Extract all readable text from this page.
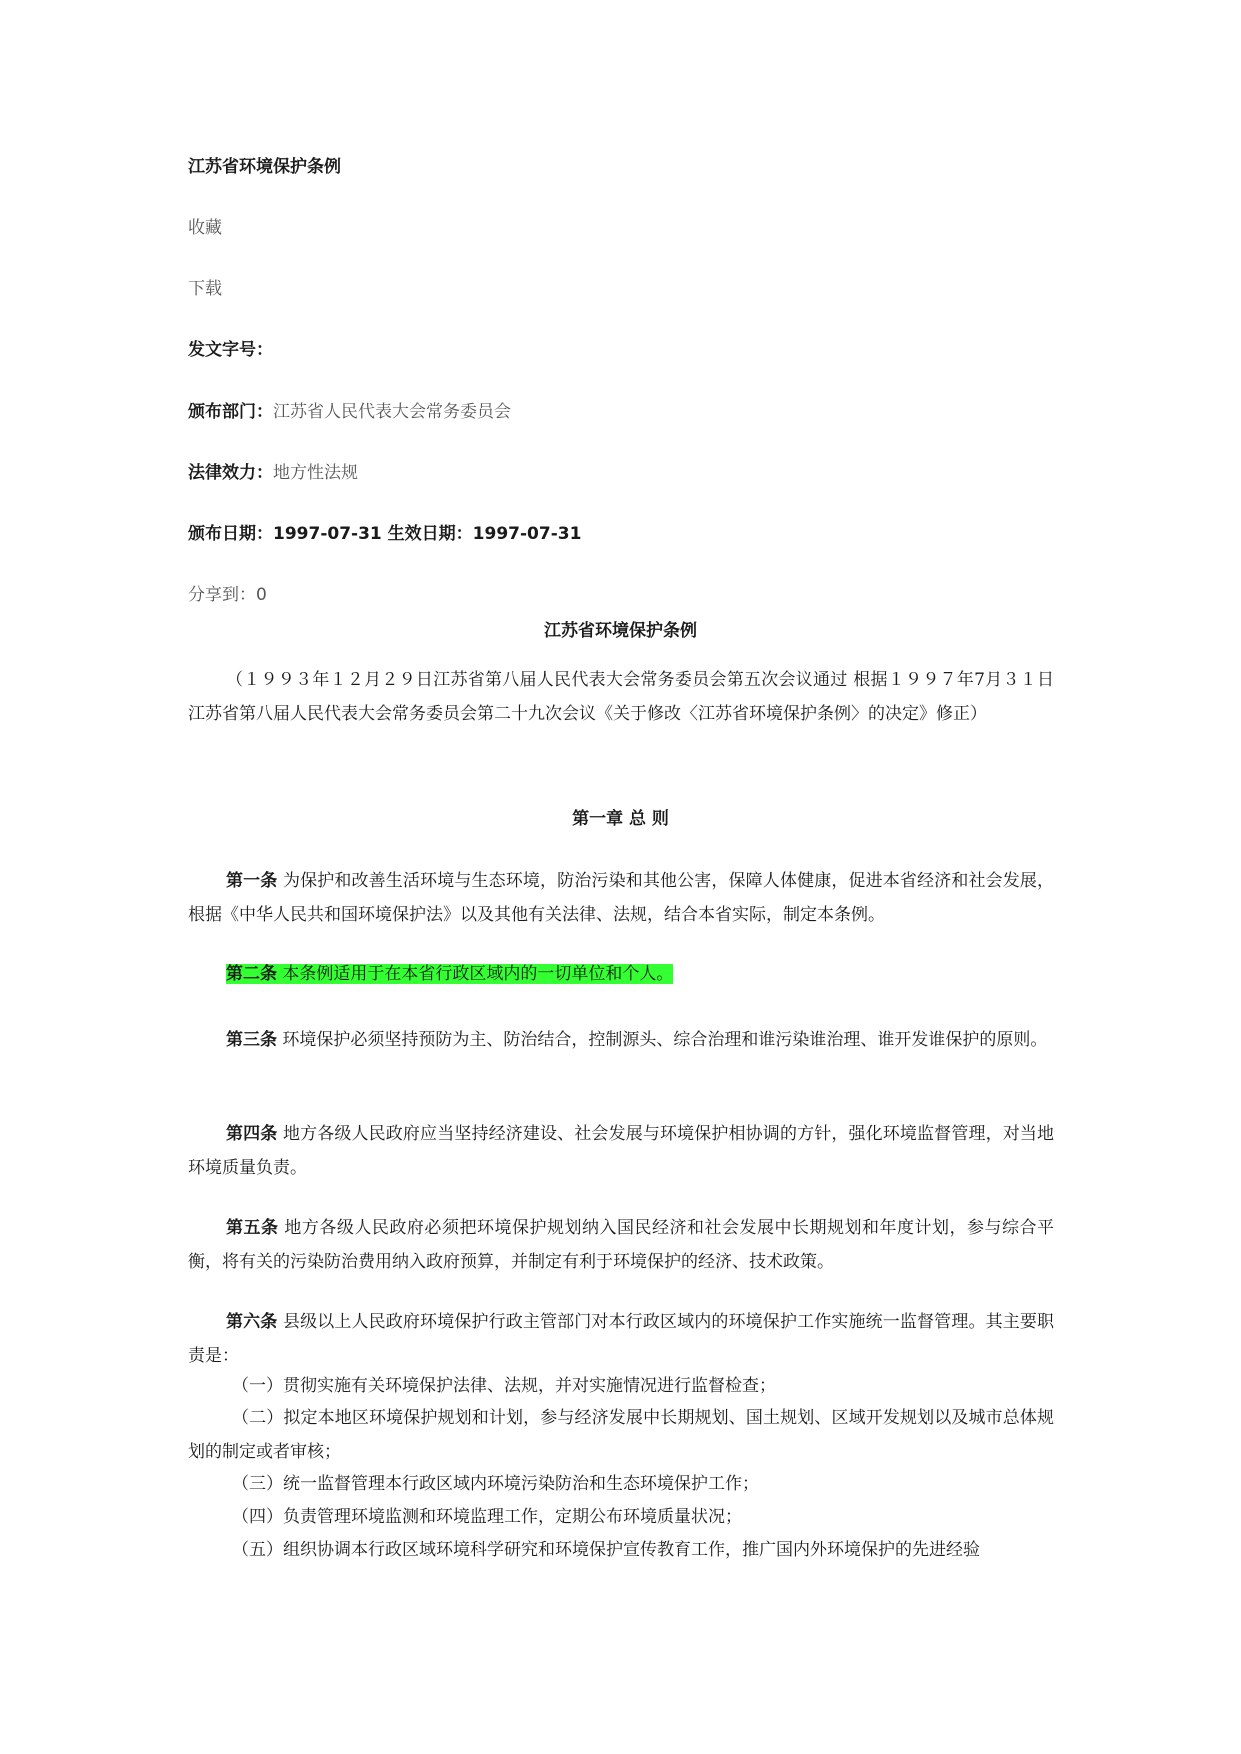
江苏省环境保护条例
收藏
下载
发文字号：
颁布部门：江苏省人民代表大会常务委员会
法律效力：地方性法规
颁布日期：1997-07-31 生效日期：1997-07-31
分享到：0
江苏省环境保护条例
（１９９３年１２月２９日江苏省第八届人民代表大会常务委员会第五次会议通过 根据１９９７年7月３１日江苏省第八届人民代表大会常务委员会第二十九次会议《关于修改〈江苏省环境保护条例〉的决定》修正）
第一章 总 则
第一条 为保护和改善生活环境与生态环境，防治污染和其他公害，保障人体健康，促进本省经济和社会发展，根据《中华人民共和国环境保护法》以及其他有关法律、法规，结合本省实际，制定本条例。
第二条 本条例适用于在本省行政区域内的一切单位和个人。
第三条 环境保护必须坚持预防为主、防治结合，控制源头、综合治理和谁污染谁治理、谁开发谁保护的原则。
第四条 地方各级人民政府应当坚持经济建设、社会发展与环境保护相协调的方针，强化环境监督管理，对当地环境质量负责。
第五条 地方各级人民政府必须把环境保护规划纳入国民经济和社会发展中长期规划和年度计划，参与综合平衡，将有关的污染防治费用纳入政府预算，并制定有利于环境保护的经济、技术政策。
第六条 县级以上人民政府环境保护行政主管部门对本行政区域内的环境保护工作实施统一监督管理。其主要职责是：
（一）贯彻实施有关环境保护法律、法规，并对实施情况进行监督检查；
（二）拟定本地区环境保护规划和计划，参与经济发展中长期规划、国土规划、区域开发规划以及城市总体规划的制定或者审核；
（三）统一监督管理本行政区域内环境污染防治和生态环境保护工作；
（四）负责管理环境监测和环境监理工作，定期公布环境质量状况；
（五）组织协调本行政区域环境科学研究和环境保护宣传教育工作，推广国内外环境保护的先进经验
